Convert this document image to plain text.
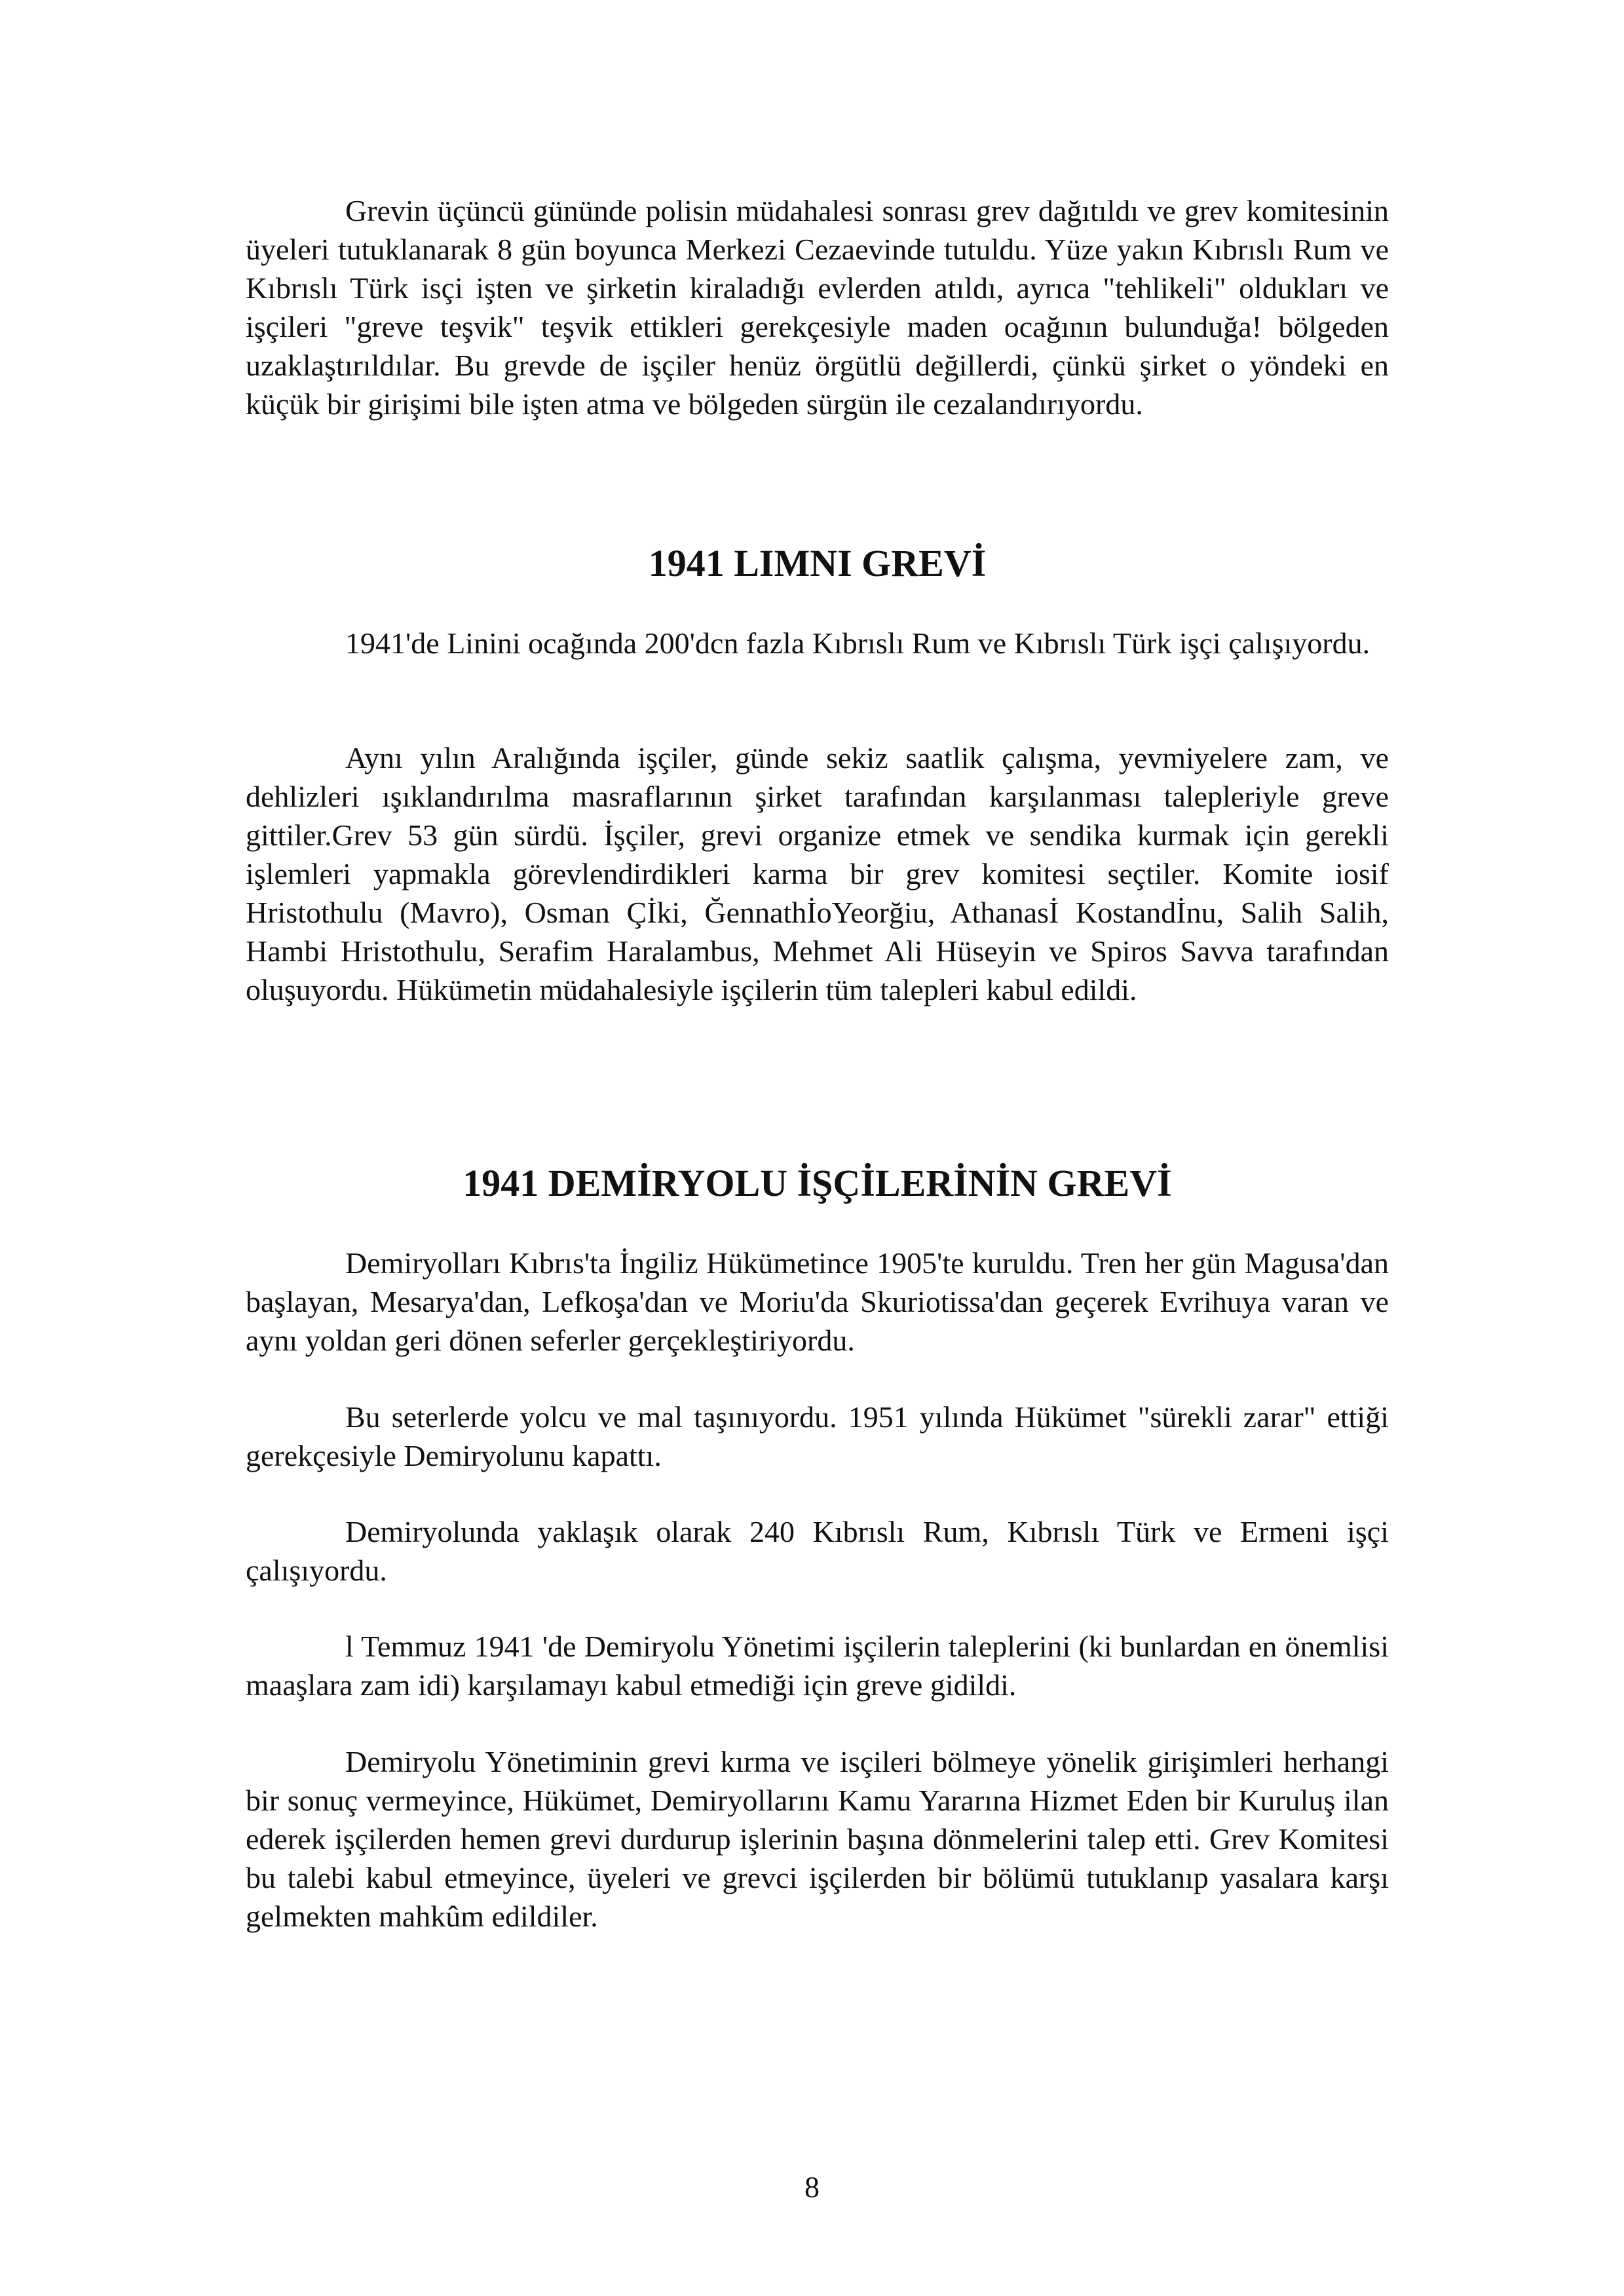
Grevin üçüncü gününde polisin müdahalesi sonrası grev dağıtıldı ve grev komitesinin üyeleri tutuklanarak 8 gün boyunca Merkezi Cezaevinde tutuldu. Yüze yakın Kıbrıslı Rum ve Kıbrıslı Türk isçi işten ve şirketin kiraladığı evlerden atıldı, ayrıca "tehlikeli" oldukları ve işçileri "greve teşvik" teşvik ettikleri gerekçesiyle maden ocağının bulunduğa! bölgeden uzaklaştırıldılar. Bu grevde de işçiler henüz örgütlü değillerdi, çünkü şirket o yöndeki en küçük bir girişimi bile işten atma ve bölgeden sürgün ile cezalandırıyordu.

1941 LIMNI GREVİ

1941'de Linini ocağında 200'dcn fazla Kıbrıslı Rum ve Kıbrıslı Türk işçi çalışıyordu.

Aynı yılın Aralığında işçiler, günde sekiz saatlik çalışma, yevmiyelere zam, ve dehlizleri ışıklandırılma masraflarının şirket tarafından karşılanması talepleriyle greve gittiler.Grev 53 gün sürdü. İşçiler, grevi organize etmek ve sendika kurmak için gerekli işlemleri yapmakla görevlendirdikleri karma bir grev komitesi seçtiler. Komite iosif Hristothulu (Mavro), Osman Çİki, ĞennathİoYeorğiu, Athanasİ Kostandİnu, Salih Salih, Hambi Hristothulu, Serafim Haralambus, Mehmet Ali Hüseyin ve Spiros Savva tarafından oluşuyordu. Hükümetin müdahalesiyle işçilerin tüm talepleri kabul edildi.

1941 DEMİRYOLU İŞÇİLERİNİN GREVİ

Demiryolları Kıbrıs'ta İngiliz Hükümetince 1905'te kuruldu. Tren her gün Magusa'dan başlayan, Mesarya'dan, Lefkoşa'dan ve Moriu'da Skuriotissa'dan geçerek Evrihuya varan ve aynı yoldan geri dönen seferler gerçekleştiriyordu.

Bu seterlerde yolcu ve mal taşınıyordu. 1951 yılında Hükümet "sürekli zarar" ettiği gerekçesiyle Demiryolunu kapattı.

Demiryolunda yaklaşık olarak 240 Kıbrıslı Rum, Kıbrıslı Türk ve Ermeni işçi çalışıyordu.

l Temmuz 1941 'de Demiryolu Yönetimi işçilerin taleplerini (ki bunlardan en önemlisi maaşlara zam idi) karşılamayı kabul etmediği için greve gidildi.

Demiryolu Yönetiminin grevi kırma ve isçileri bölmeye yönelik girişimleri herhangi bir sonuç vermeyince, Hükümet, Demiryollarını Kamu Yararına Hizmet Eden bir Kuruluş ilan ederek işçilerden hemen grevi durdurup işlerinin başına dönmelerini talep etti. Grev Komitesi bu talebi kabul etmeyince, üyeleri ve grevci işçilerden bir bölümü tutuklanıp yasalara karşı gelmekten mahkûm edildiler.

8
